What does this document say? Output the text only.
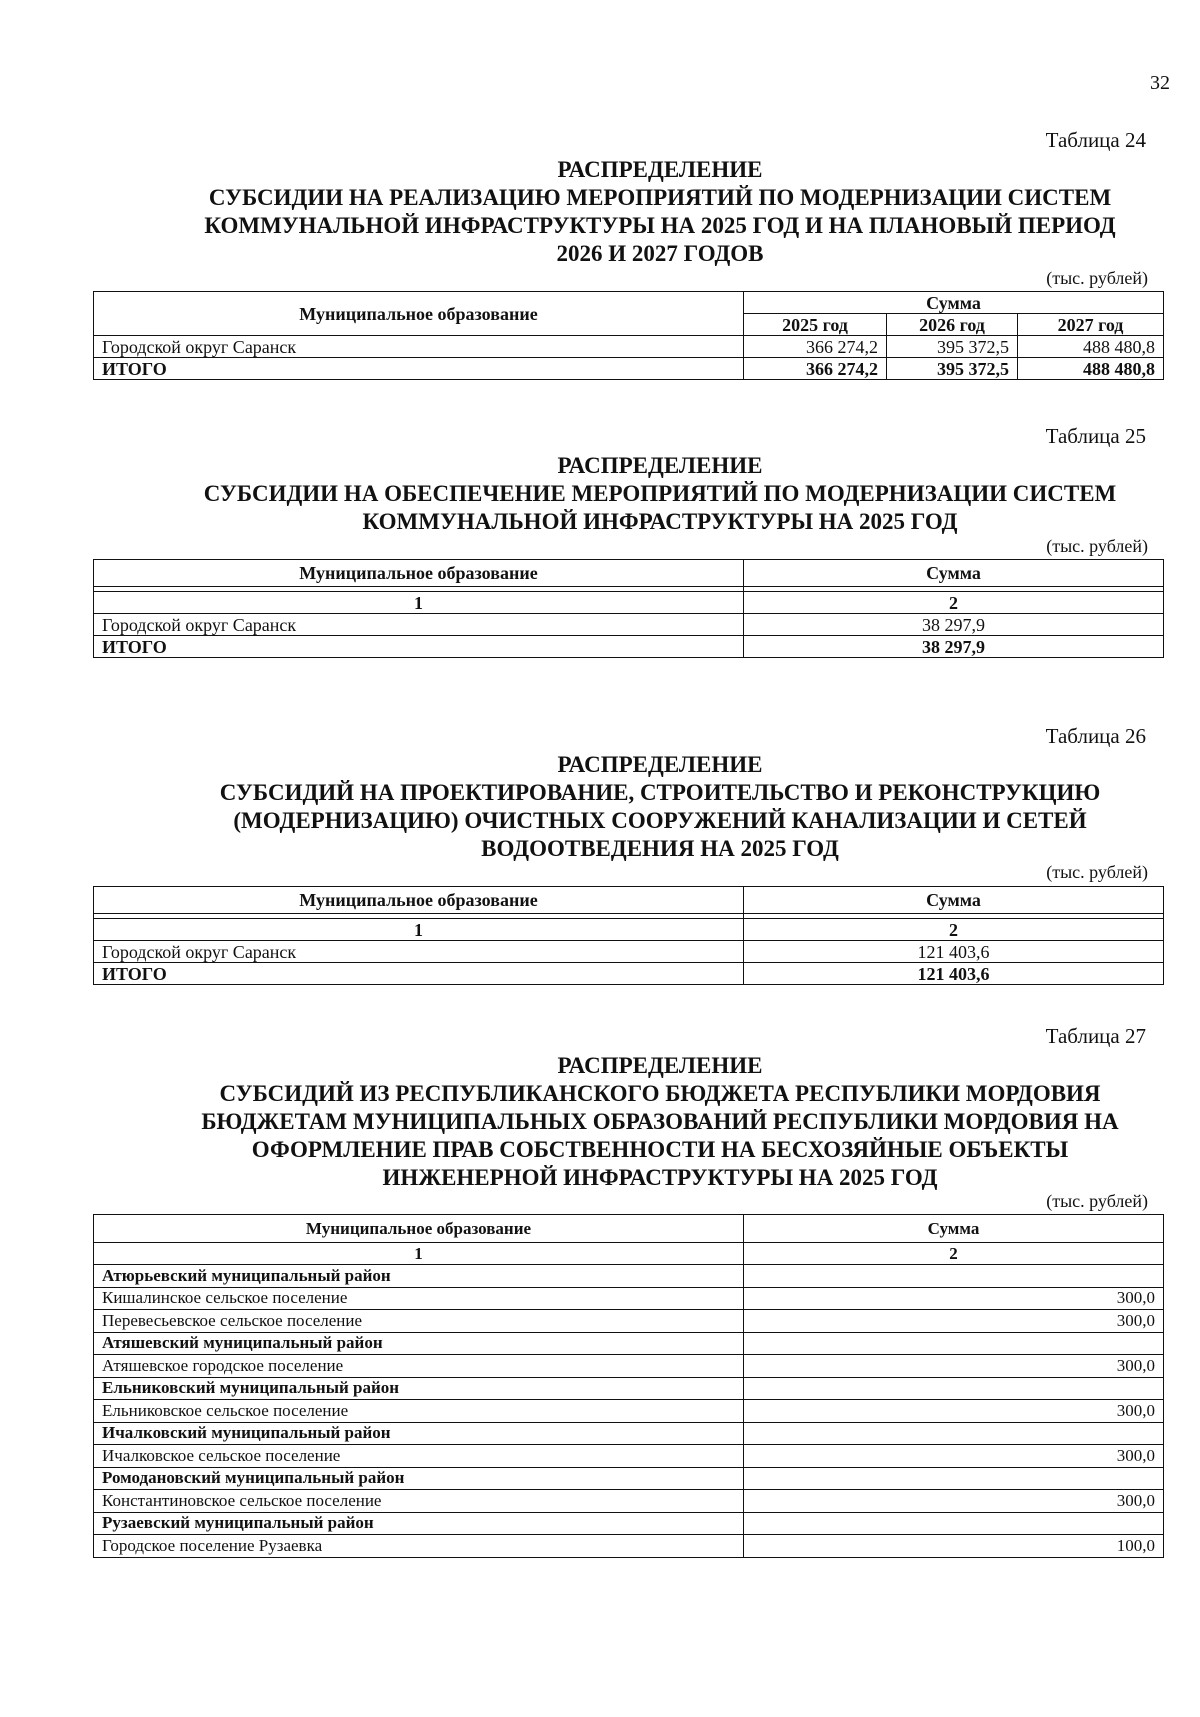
32
Таблица 24
РАСПРЕДЕЛЕНИЕ
СУБСИДИИ НА РЕАЛИЗАЦИЮ МЕРОПРИЯТИЙ ПО МОДЕРНИЗАЦИИ СИСТЕМ
КОММУНАЛЬНОЙ ИНФРАСТРУКТУРЫ НА 2025 ГОД И НА ПЛАНОВЫЙ ПЕРИОД
2026 И 2027 ГОДОВ
(тыс. рублей)
Муниципальное образование	Сумма		
	2025 год	2026 год	2027 год
Городской округ Саранск	366 274,2	395 372,5	488 480,8
ИТОГО	366 274,2	395 372,5	488 480,8
Таблица 25
РАСПРЕДЕЛЕНИЕ
СУБСИДИИ НА ОБЕСПЕЧЕНИЕ МЕРОПРИЯТИЙ ПО МОДЕРНИЗАЦИИ СИСТЕМ
КОММУНАЛЬНОЙ ИНФРАСТРУКТУРЫ НА 2025 ГОД
(тыс. рублей)
Муниципальное образование	Сумма

1	2
Городской округ Саранск	38 297,9
ИТОГО	38 297,9
Таблица 26
РАСПРЕДЕЛЕНИЕ
СУБСИДИЙ НА ПРОЕКТИРОВАНИЕ, СТРОИТЕЛЬСТВО И РЕКОНСТРУКЦИЮ
(МОДЕРНИЗАЦИЮ) ОЧИСТНЫХ СООРУЖЕНИЙ КАНАЛИЗАЦИИ И СЕТЕЙ
ВОДООТВЕДЕНИЯ НА 2025 ГОД
(тыс. рублей)
Муниципальное образование	Сумма

1	2
Городской округ Саранск	121 403,6
ИТОГО	121 403,6
Таблица 27
РАСПРЕДЕЛЕНИЕ
СУБСИДИЙ ИЗ РЕСПУБЛИКАНСКОГО БЮДЖЕТА РЕСПУБЛИКИ МОРДОВИЯ
БЮДЖЕТАМ МУНИЦИПАЛЬНЫХ ОБРАЗОВАНИЙ РЕСПУБЛИКИ МОРДОВИЯ НА
ОФОРМЛЕНИЕ ПРАВ СОБСТВЕННОСТИ НА БЕСХОЗЯЙНЫЕ ОБЪЕКТЫ
ИНЖЕНЕРНОЙ ИНФРАСТРУКТУРЫ НА 2025 ГОД
(тыс. рублей)
Муниципальное образование	Сумма
1	2
Атюрьевский муниципальный район	
Кишалинское сельское поселение	300,0
Перевесьевское сельское поселение	300,0
Атяшевский муниципальный район	
Атяшевское городское поселение	300,0
Ельниковский муниципальный район	
Ельниковское сельское поселение	300,0
Ичалковский муниципальный район	
Ичалковское сельское поселение	300,0
Ромодановский муниципальный район	
Константиновское сельское поселение	300,0
Рузаевский муниципальный район	
Городское поселение Рузаевка	100,0
